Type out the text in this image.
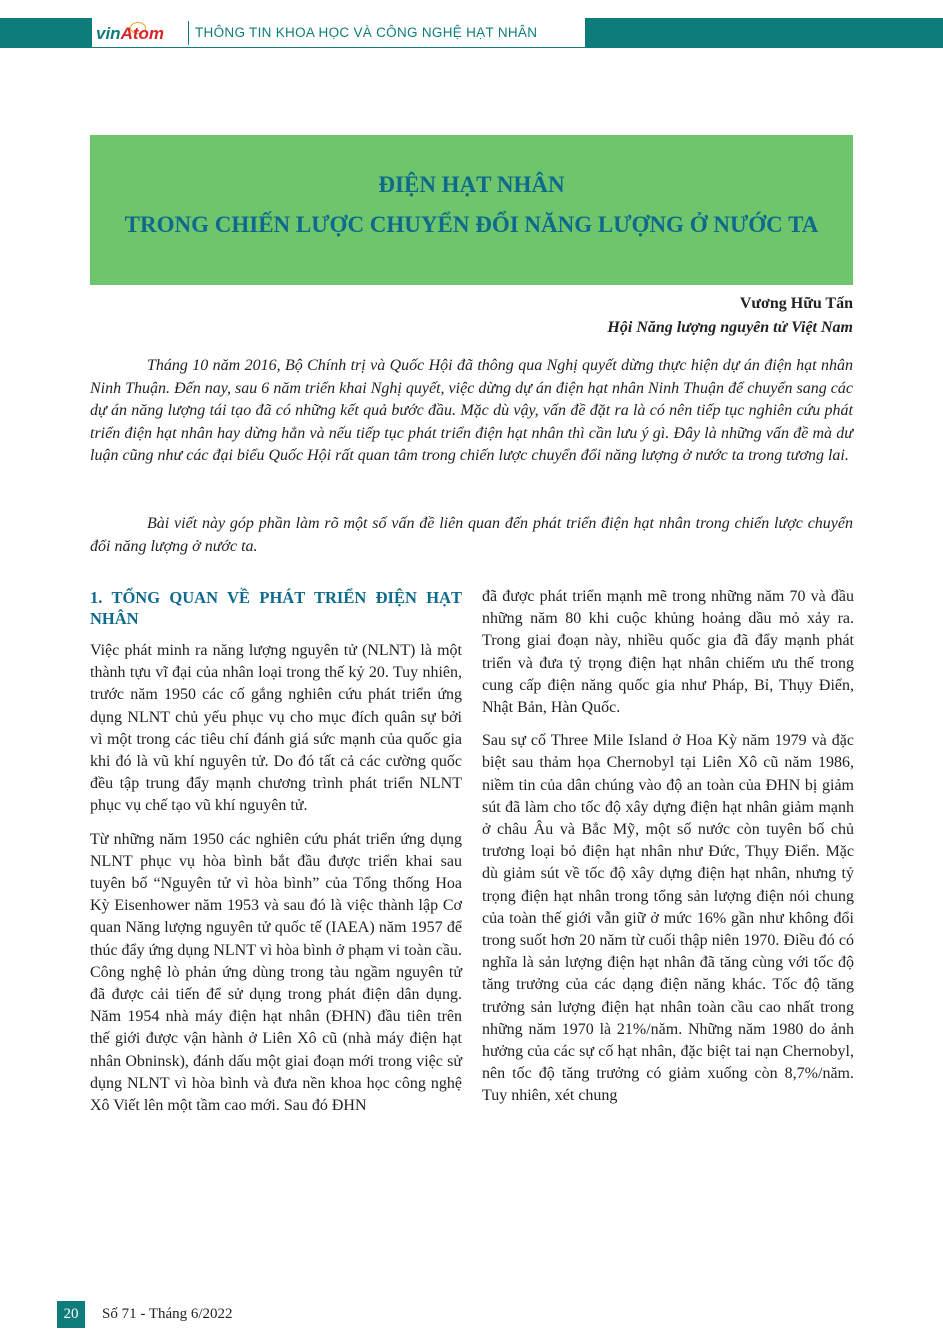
vinAtom	THÔNG TIN KHOA HỌC VÀ CÔNG NGHỆ HẠT NHÂN
ĐIỆN HẠT NHÂN
TRONG CHIẾN LƯỢC CHUYỂN ĐỔI NĂNG LƯỢNG Ở NƯỚC TA
Vương Hữu Tấn
Hội Năng lượng nguyên tử Việt Nam

Tháng 10 năm 2016, Bộ Chính trị và Quốc Hội đã thông qua Nghị quyết dừng thực hiện dự án điện hạt nhân Ninh Thuận. Đến nay, sau 6 năm triển khai Nghị quyết, việc dừng dự án điện hạt nhân Ninh Thuận để chuyển sang các dự án năng lượng tái tạo đã có những kết quả bước đầu. Mặc dù vậy, vấn đề đặt ra là có nên tiếp tục nghiên cứu phát triển điện hạt nhân hay dừng hẳn và nếu tiếp tục phát triển điện hạt nhân thì cần lưu ý gì. Đây là những vấn đề mà dư luận cũng như các đại biểu Quốc Hội rất quan tâm trong chiến lược chuyển đổi năng lượng ở nước ta trong tương lai.

Bài viết này góp phần làm rõ một số vấn đề liên quan đến phát triển điện hạt nhân trong chiến lược chuyển đổi năng lượng ở nước ta.

1. TỔNG QUAN VỀ PHÁT TRIỂN ĐIỆN HẠT NHÂN

Việc phát minh ra năng lượng nguyên tử (NLNT) là một thành tựu vĩ đại của nhân loại trong thế kỷ 20. Tuy nhiên, trước năm 1950 các cố gắng nghiên cứu phát triển ứng dụng NLNT chủ yếu phục vụ cho mục đích quân sự bởi vì một trong các tiêu chí đánh giá sức mạnh của quốc gia khi đó là vũ khí nguyên tử. Do đó tất cả các cường quốc đều tập trung đẩy mạnh chương trình phát triển NLNT phục vụ chế tạo vũ khí nguyên tử.

Từ những năm 1950 các nghiên cứu phát triển ứng dụng NLNT phục vụ hòa bình bắt đầu được triển khai sau tuyên bố “Nguyên tử vì hòa bình” của Tổng thống Hoa Kỳ Eisenhower năm 1953 và sau đó là việc thành lập Cơ quan Năng lượng nguyên tử quốc tế (IAEA) năm 1957 để thúc đẩy ứng dụng NLNT vì hòa bình ở phạm vi toàn cầu. Công nghệ lò phản ứng dùng trong tàu ngầm nguyên tử đã được cải tiến để sử dụng trong phát điện dân dụng. Năm 1954 nhà máy điện hạt nhân (ĐHN) đầu tiên trên thế giới được vận hành ở Liên Xô cũ (nhà máy điện hạt nhân Obninsk), đánh dấu một giai đoạn mới trong việc sử dụng NLNT vì hòa bình và đưa nền khoa học công nghệ Xô Viết lên một tầm cao mới. Sau đó ĐHN

đã được phát triển mạnh mẽ trong những năm 70 và đầu những năm 80 khi cuộc khủng hoảng dầu mỏ xảy ra. Trong giai đoạn này, nhiều quốc gia đã đẩy mạnh phát triển và đưa tỷ trọng điện hạt nhân chiếm ưu thế trong cung cấp điện năng quốc gia như Pháp, Bỉ, Thụy Điển, Nhật Bản, Hàn Quốc.

Sau sự cố Three Mile Island ở Hoa Kỳ năm 1979 và đặc biệt sau thảm họa Chernobyl tại Liên Xô cũ năm 1986, niềm tin của dân chúng vào độ an toàn của ĐHN bị giảm sút đã làm cho tốc độ xây dựng điện hạt nhân giảm mạnh ở châu Âu và Bắc Mỹ, một số nước còn tuyên bố chủ trương loại bỏ điện hạt nhân như Đức, Thụy Điển. Mặc dù giảm sút về tốc độ xây dựng điện hạt nhân, nhưng tỷ trọng điện hạt nhân trong tổng sản lượng điện nói chung của toàn thế giới vẫn giữ ở mức 16% gần như không đổi trong suốt hơn 20 năm từ cuối thập niên 1970. Điều đó có nghĩa là sản lượng điện hạt nhân đã tăng cùng với tốc độ tăng trưởng của các dạng điện năng khác. Tốc độ tăng trưởng sản lượng điện hạt nhân toàn cầu cao nhất trong những năm 1970 là 21%/năm. Những năm 1980 do ảnh hưởng của các sự cố hạt nhân, đặc biệt tai nạn Chernobyl, nên tốc độ tăng trưởng có giảm xuống còn 8,7%/năm. Tuy nhiên, xét chung

20	Số 71 - Tháng 6/2022
